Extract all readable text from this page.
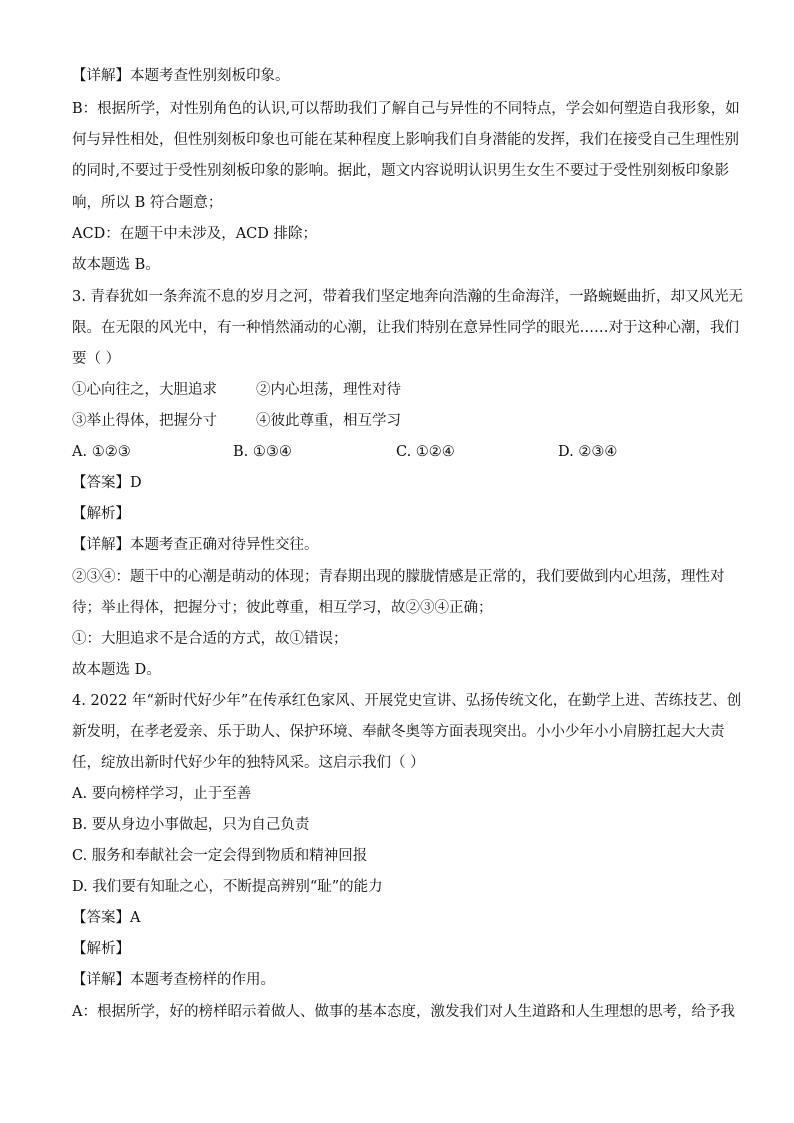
【详解】本题考查性别刻板印象。
B：根据所学，对性别角色的认识,可以帮助我们了解自己与异性的不同特点，学会如何塑造自我形象，如
何与异性相处，但性别刻板印象也可能在某种程度上影响我们自身潜能的发挥，我们在接受自己生理性别
的同时,不要过于受性别刻板印象的影响。据此，题文内容说明认识男生女生不要过于受性别刻板印象影
响，所以 B 符合题意；
ACD：在题干中未涉及，ACD 排除；
故本题选 B。
3. 青春犹如一条奔流不息的岁月之河，带着我们坚定地奔向浩瀚的生命海洋，一路蜿蜒曲折，却又风光无
限。在无限的风光中，有一种悄然涌动的心潮，让我们特别在意异性同学的眼光……对于这种心潮，我们
要（ ）
①心向往之，大胆追求	②内心坦荡，理性对待
③举止得体，把握分寸	④彼此尊重，相互学习
A. ①②③	B. ①③④	C. ①②④	D. ②③④
【答案】D
【解析】
【详解】本题考查正确对待异性交往。
②③④：题干中的心潮是萌动的体现；青春期出现的朦胧情感是正常的，我们要做到内心坦荡，理性对
待；举止得体，把握分寸；彼此尊重，相互学习，故②③④正确；
①：大胆追求不是合适的方式，故①错误；
故本题选 D。
4. 2022 年“新时代好少年”在传承红色家风、开展党史宣讲、弘扬传统文化，在勤学上进、苦练技艺、创
新发明，在孝老爱亲、乐于助人、保护环境、奉献冬奥等方面表现突出。小小少年小小肩膀扛起大大责
任，绽放出新时代好少年的独特风采。这启示我们（ ）
A. 要向榜样学习，止于至善
B. 要从身边小事做起，只为自己负责
C. 服务和奉献社会一定会得到物质和精神回报
D. 我们要有知耻之心，不断提高辨别“耻”的能力
【答案】A
【解析】
【详解】本题考查榜样的作用。
A：根据所学，好的榜样昭示着做人、做事的基本态度，激发我们对人生道路和人生理想的思考，给予我
